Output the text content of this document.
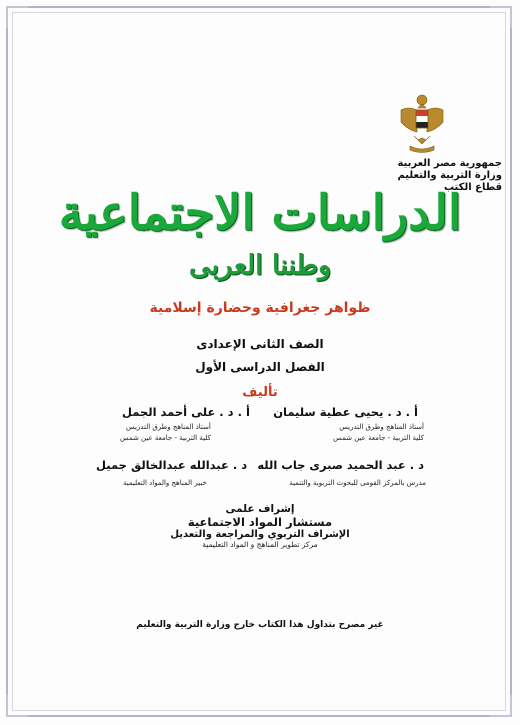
جمهورية مصر العربية
وزارة التربية والتعليم
قطاع الكتب
الدراسات الاجتماعية
وطننا العربى
ظواهر جغرافية وحضارة إسلامية
الصف الثانى الإعدادى
الفصل الدراسى الأول
تأليف
أ . د . يحيى عطية سليمان
أستاذ المناهج وطرق التدريس
كلية التربية - جامعة عين شمس
أ . د . على أحمد الجمل
أستاذ المناهج وطرق التدريس
كلية التربية - جامعة عين شمس
د . عبد الحميد صبرى جاب الله
مدرس بالمركز القومى للبحوث التربوية والتنمية
د . عبدالله عبدالخالق جميل
خبير المناهج والمواد التعليمية
إشراف علمى
مستشار المواد الاجتماعية
الإشراف التربوي والمراجعة والتعديل
مركز تطوير المناهج و المواد التعليمية
غير مصرح بتداول هذا الكتاب خارج وزارة التربية والتعليم
